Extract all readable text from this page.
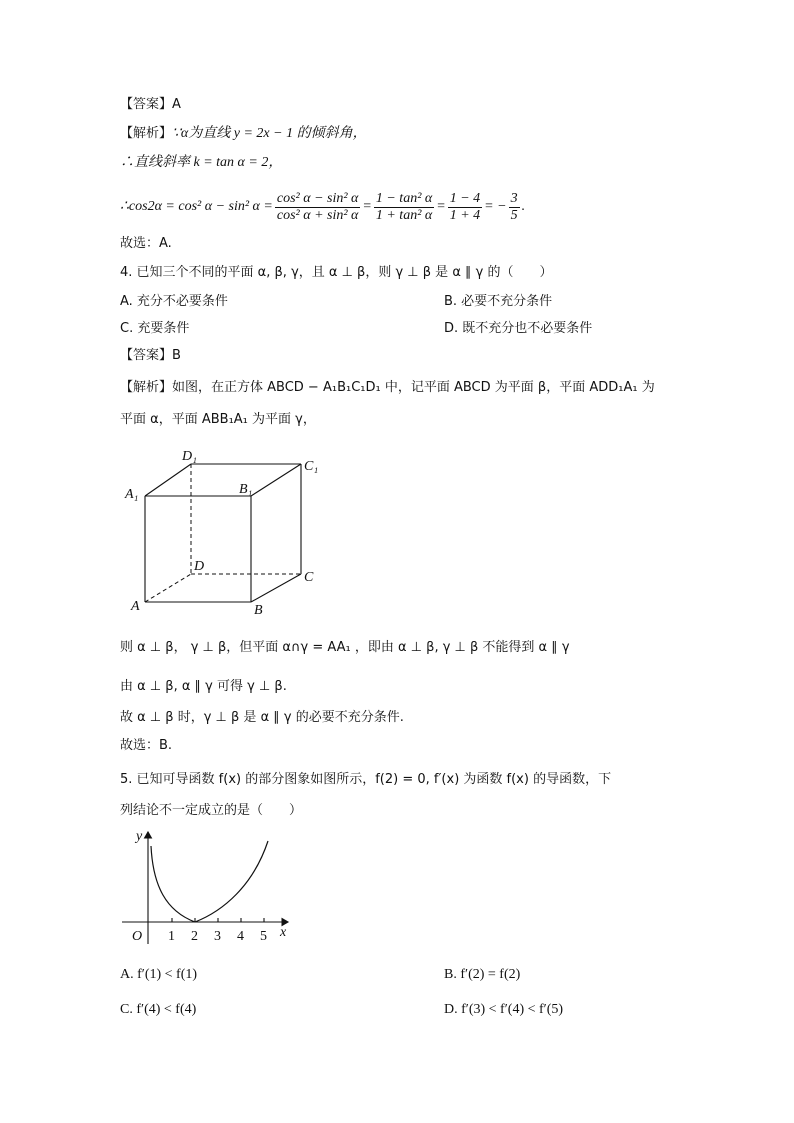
【答案】A
【解析】∵α为直线 y = 2x − 1 的倾斜角，
∴直线斜率 k = tan α = 2，
∴cos2α = cos² α − sin² $\alpha = \frac{\text{cos² α − sin² α}}{\text{cos² α + sin² α}} = \frac{\text{1 − tan² α}}{\text{1 + tan² α}} = \frac{1 - 4}{1 + 4}$ = − $\frac{3}{5}$ .
故选：A.
4. 已知三个不同的平面 α, β, γ，且 α ⊥ β，则 γ ⊥ β 是 α ∥ γ 的（　　）
A. 充分不必要条件	B. 必要不充分条件
C. 充要条件	D. 既不充分也不必要条件
【答案】B
【解析】如图，在正方体 ABCD − A₁B₁C₁D₁ 中，记平面 ABCD 为平面 β，平面 ADD₁A₁ 为
平面 α，平面 ABB₁A₁ 为平面 γ，
D₁
C₁
A₁	B₁
D
C
A	B
则 α ⊥ β， γ ⊥ β，但平面 α∩γ = AA₁ ，即由 α ⊥ β, γ ⊥ β 不能得到 α ∥ γ
由 α ⊥ β, α ∥ γ 可得 γ ⊥ β.
故 α ⊥ β 时，γ ⊥ β 是 α ∥ γ 的必要不充分条件.
故选：B.
5. 已知可导函数 f(x) 的部分图象如图所示，f(2) = 0, f′(x) 为函数 f(x) 的导函数，下
列结论不一定成立的是（　　）
y
x
O 1 2 3 4 5
A. f′(1) < f(1)	B. f′(2) = f(2)
C. f′(4) < f(4)	D. f′(3) < f′(4) < f′(5)
